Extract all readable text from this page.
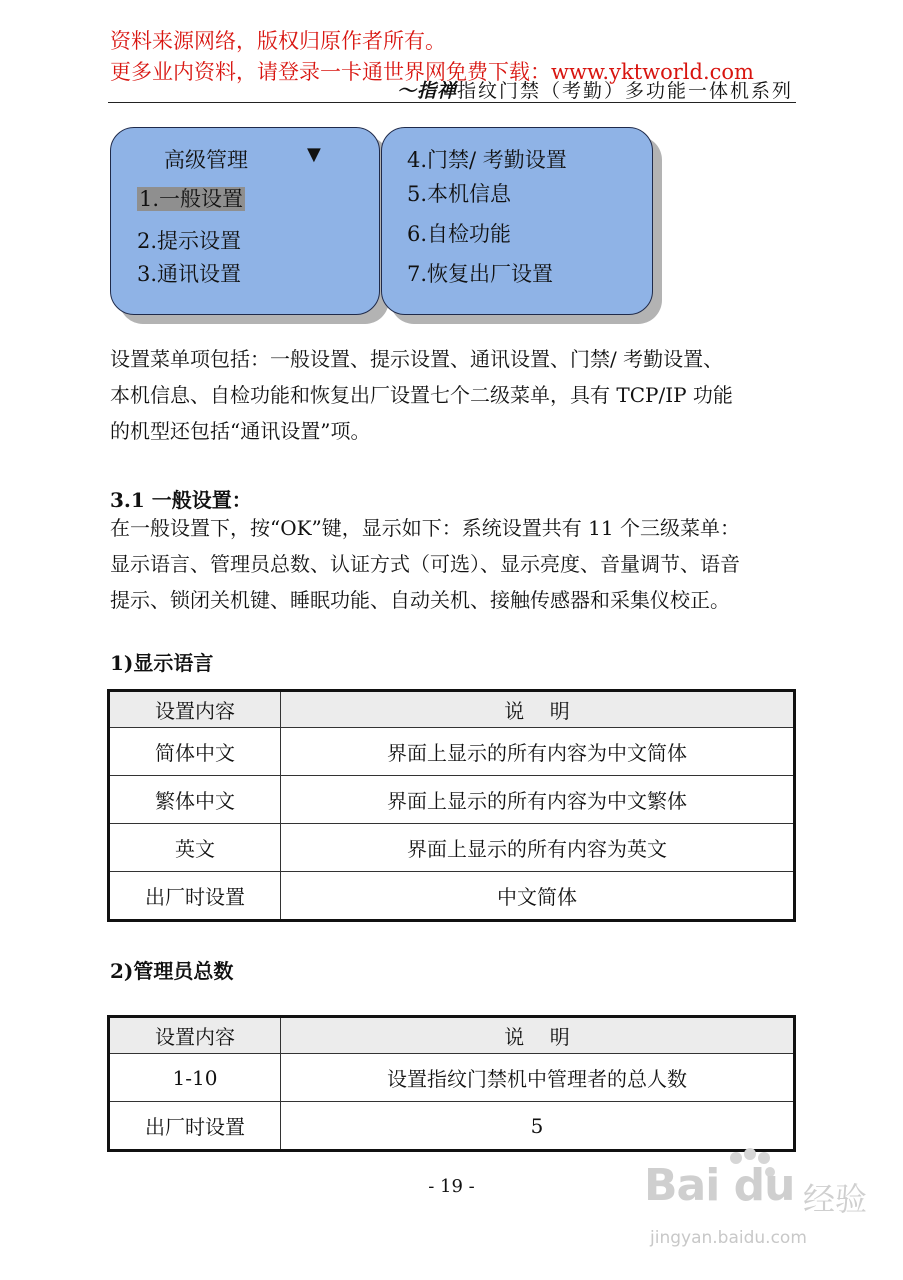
资料来源网络，版权归原作者所有。
更多业内资料，请登录一卡通世界网免费下载：www.yktworld.com
〜指禅指纹门禁（考勤）多功能一体机系列
高级管理	▼
1.一般设置
2.提示设置
3.通讯设置
4.门禁/ 考勤设置
5.本机信息
6.自检功能
7.恢复出厂设置
设置菜单项包括：一般设置、提示设置、通讯设置、门禁/ 考勤设置、
本机信息、自检功能和恢复出厂设置七个二级菜单，具有 TCP/IP 功能
的机型还包括“通讯设置”项。
3.1 一般设置：
在一般设置下，按“OK”键，显示如下：系统设置共有 11 个三级菜单：
显示语言、管理员总数、认证方式（可选）、显示亮度、音量调节、语音
提示、锁闭关机键、睡眠功能、自动关机、接触传感器和采集仪校正。
1)显示语言
设置内容	说    明
简体中文	界面上显示的所有内容为中文简体
繁体中文	界面上显示的所有内容为中文繁体
英文	界面上显示的所有内容为英文
出厂时设置	中文简体
2)管理员总数
设置内容	说    明
1-10	设置指纹门禁机中管理者的总人数
出厂时设置	5
- 19 -	Bai du 经验
jingyan.baidu.com
